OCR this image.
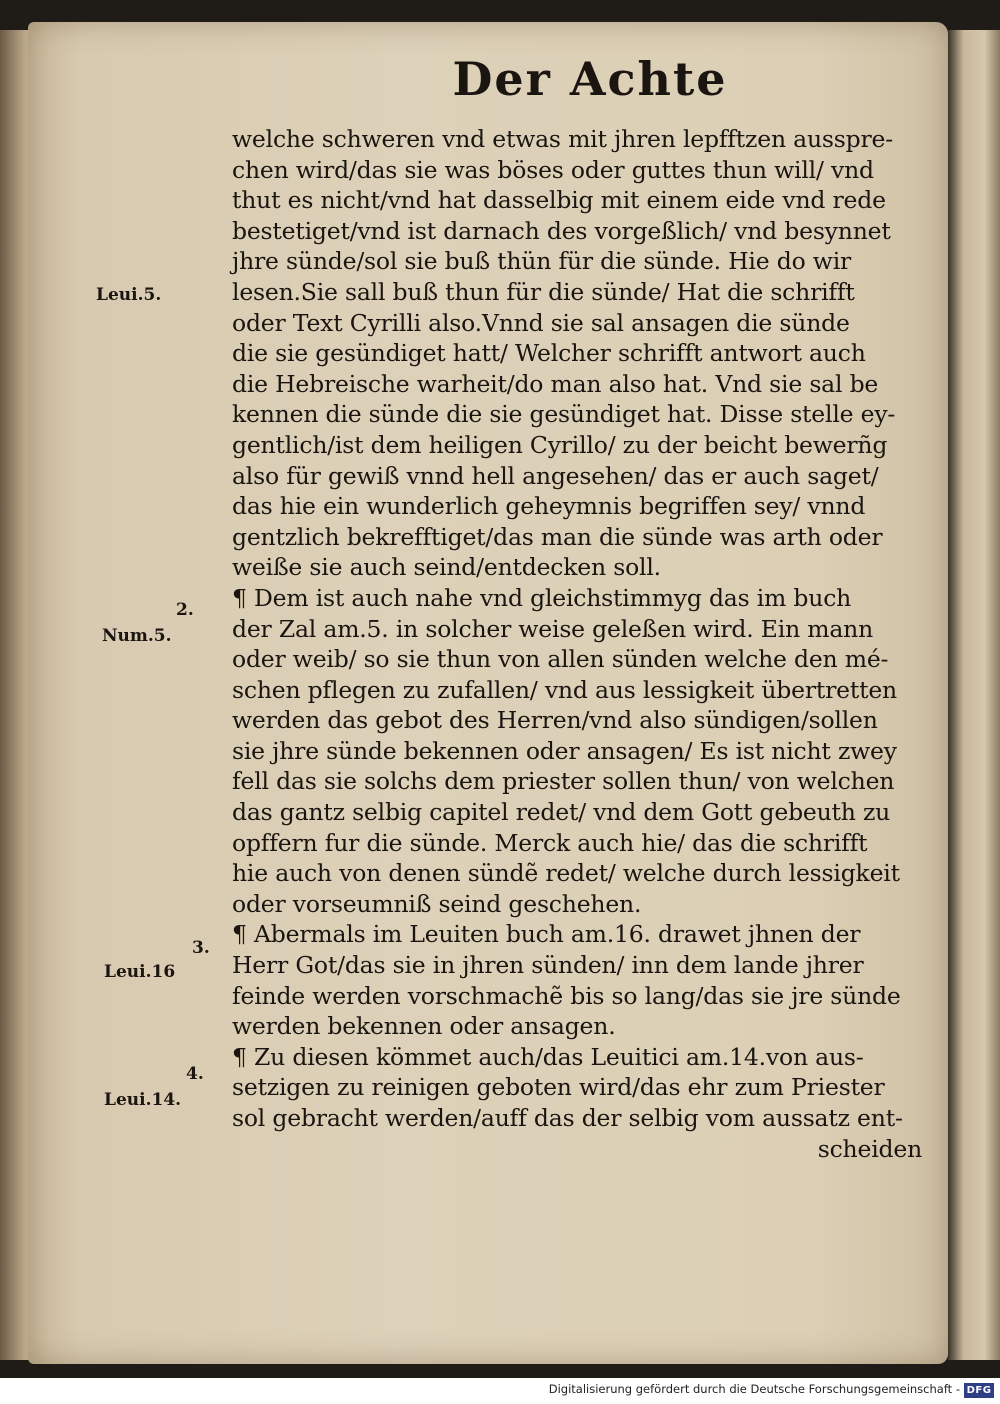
Der Achte
welche schweren vnd etwas mit jhren lepfftzen ausspre-
chen wird/das sie was böses oder guttes thun will/ vnd
thut es nicht/vnd hat dasselbig mit einem eide vnd rede
bestetiget/vnd ist darnach des vorgeßlich/ vnd besynnet
jhre sünde/sol sie buß thün für die sünde. Hie do wir
lesen.Sie sall buß thun für die sünde/ Hat die schrifft
oder Text Cyrilli also.Vnnd sie sal ansagen die sünde
die sie gesündiget hatt/ Welcher schrifft antwort auch
die Hebreische warheit/do man also hat. Vnd sie sal be
kennen die sünde die sie gesündiget hat. Disse stelle ey-
gentlich/ist dem heiligen Cyrillo/ zu der beicht bewerñg
also für gewiß vnnd hell angesehen/ das er auch saget/
das hie ein wunderlich geheymnis begriffen sey/ vnnd
gentzlich bekrefftiget/das man die sünde was arth oder
weiße sie auch seind/entdecken soll.
¶ Dem ist auch nahe vnd gleichstimmyg das im buch
der Zal am.5. in solcher weise geleßen wird. Ein mann
oder weib/ so sie thun von allen sünden welche den mé-
schen pflegen zu zufallen/ vnd aus lessigkeit übertretten
werden das gebot des Herren/vnd also sündigen/sollen
sie jhre sünde bekennen oder ansagen/ Es ist nicht zwey
fell das sie solchs dem priester sollen thun/ von welchen
das gantz selbig capitel redet/ vnd dem Gott gebeuth zu
opffern fur die sünde. Merck auch hie/ das die schrifft
hie auch von denen sündẽ redet/ welche durch lessigkeit
oder vorseumniß seind geschehen.
¶ Abermals im Leuiten buch am.16. drawet jhnen der
Herr Got/das sie in jhren sünden/ inn dem lande jhrer
feinde werden vorschmachẽ bis so lang/das sie jre sünde
werden bekennen oder ansagen.
¶ Zu diesen kömmet auch/das Leuitici am.14.von aus-
setzigen zu reinigen geboten wird/das ehr zum Priester
sol gebracht werden/auff das der selbig vom aussatz ent-
scheiden
Leui.5.
2.
Num.5.
3.
Leui.16
4.
Leui.14.
Digitalisierung gefördert durch die Deutsche Forschungsgemeinschaft - DFG
